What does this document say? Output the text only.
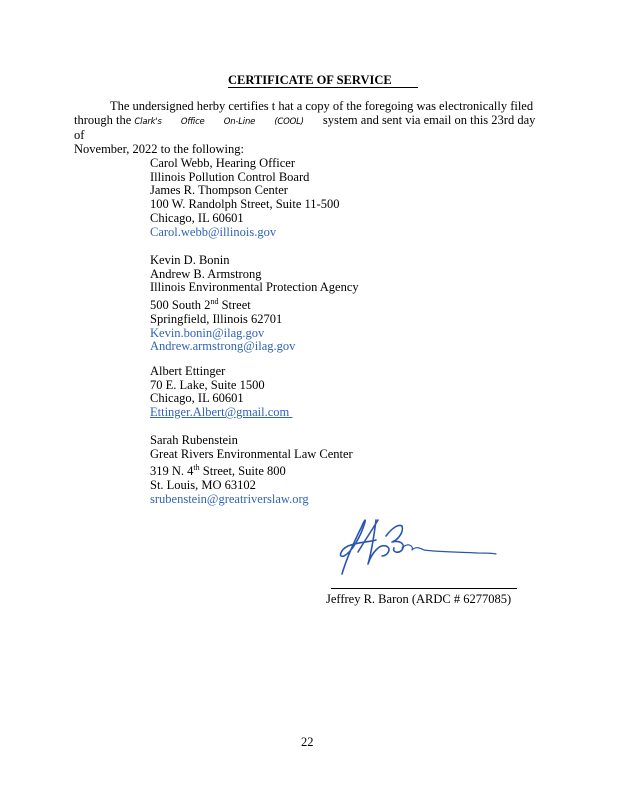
CERTIFICATE OF SERVICE
The undersigned herby certifies t hat a copy of the foregoing was electronically filed
through the Clark's Office On-Line (COOL) system and sent via email on this 23rd day of
November, 2022 to the following:
Carol Webb, Hearing Officer
Illinois Pollution Control Board
James R. Thompson Center
100 W. Randolph Street, Suite 11-500
Chicago, IL 60601
Carol.webb@illinois.gov
Kevin D. Bonin
Andrew B. Armstrong
Illinois Environmental Protection Agency
500 South 2nd Street
Springfield, Illinois 62701
Kevin.bonin@ilag.gov
Andrew.armstrong@ilag.gov
Albert Ettinger
70 E. Lake, Suite 1500
Chicago, IL 60601
Ettinger.Albert@gmail.com
Sarah Rubenstein
Great Rivers Environmental Law Center
319 N. 4th Street, Suite 800
St. Louis, MO 63102
srubenstein@greatriverslaw.org
Jeffrey R. Baron (ARDC # 6277085)
22
